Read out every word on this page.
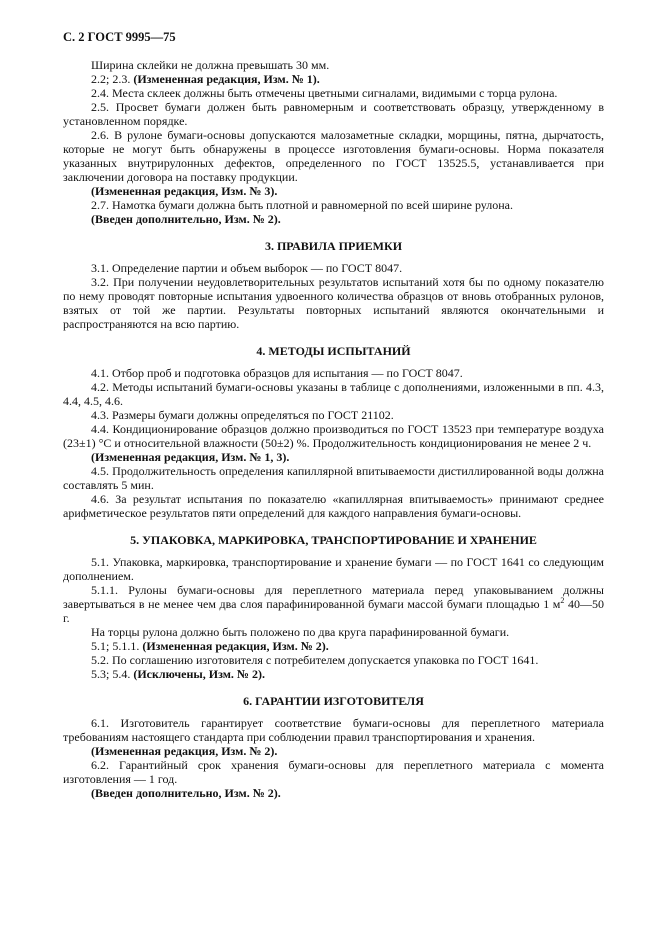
С. 2 ГОСТ 9995—75

Ширина склейки не должна превышать 30 мм.

2.2; 2.3. (Измененная редакция, Изм. № 1).

2.4. Места склеек должны быть отмечены цветными сигналами, видимыми с торца рулона.

2.5. Просвет бумаги должен быть равномерным и соответствовать образцу, утвержденному в установленном порядке.

2.6. В рулоне бумаги-основы допускаются малозаметные складки, морщины, пятна, дырчатость, которые не могут быть обнаружены в процессе изготовления бумаги-основы. Норма показателя указанных внутрирулонных дефектов, определенного по ГОСТ 13525.5, устанавливается при заключении договора на поставку продукции.

(Измененная редакция, Изм. № 3).

2.7. Намотка бумаги должна быть плотной и равномерной по всей ширине рулона.

(Введен дополнительно, Изм. № 2).

3. ПРАВИЛА ПРИЕМКИ

3.1. Определение партии и объем выборок — по ГОСТ 8047.

3.2. При получении неудовлетворительных результатов испытаний хотя бы по одному показателю по нему проводят повторные испытания удвоенного количества образцов от вновь отобранных рулонов, взятых от той же партии. Результаты повторных испытаний являются окончательными и распространяются на всю партию.

4. МЕТОДЫ ИСПЫТАНИЙ

4.1. Отбор проб и подготовка образцов для испытания — по ГОСТ 8047.

4.2. Методы испытаний бумаги-основы указаны в таблице с дополнениями, изложенными в пп. 4.3, 4.4, 4.5, 4.6.

4.3. Размеры бумаги должны определяться по ГОСТ 21102.

4.4. Кондиционирование образцов должно производиться по ГОСТ 13523 при температуре воздуха (23±1) °С и относительной влажности (50±2) %. Продолжительность кондиционирования не менее 2 ч.

(Измененная редакция, Изм. № 1, 3).

4.5. Продолжительность определения капиллярной впитываемости дистиллированной воды должна составлять 5 мин.

4.6. За результат испытания по показателю «капиллярная впитываемость» принимают среднее арифметическое результатов пяти определений для каждого направления бумаги-основы.

5. УПАКОВКА, МАРКИРОВКА, ТРАНСПОРТИРОВАНИЕ И ХРАНЕНИЕ

5.1. Упаковка, маркировка, транспортирование и хранение бумаги — по ГОСТ 1641 со следующим дополнением.

5.1.1. Рулоны бумаги-основы для переплетного материала перед упаковыванием должны завертываться в не менее чем два слоя парафинированной бумаги массой бумаги площадью 1 $м^2$ 40—50 г.

На торцы рулона должно быть положено по два круга парафинированной бумаги.

5.1; 5.1.1. (Измененная редакция, Изм. № 2).

5.2. По соглашению изготовителя с потребителем допускается упаковка по ГОСТ 1641.

5.3; 5.4. (Исключены, Изм. № 2).

6. ГАРАНТИИ ИЗГОТОВИТЕЛЯ

6.1. Изготовитель гарантирует соответствие бумаги-основы для переплетного материала требованиям настоящего стандарта при соблюдении правил транспортирования и хранения.

(Измененная редакция, Изм. № 2).

6.2. Гарантийный срок хранения бумаги-основы для переплетного материала с момента изготовления — 1 год.

(Введен дополнительно, Изм. № 2).
